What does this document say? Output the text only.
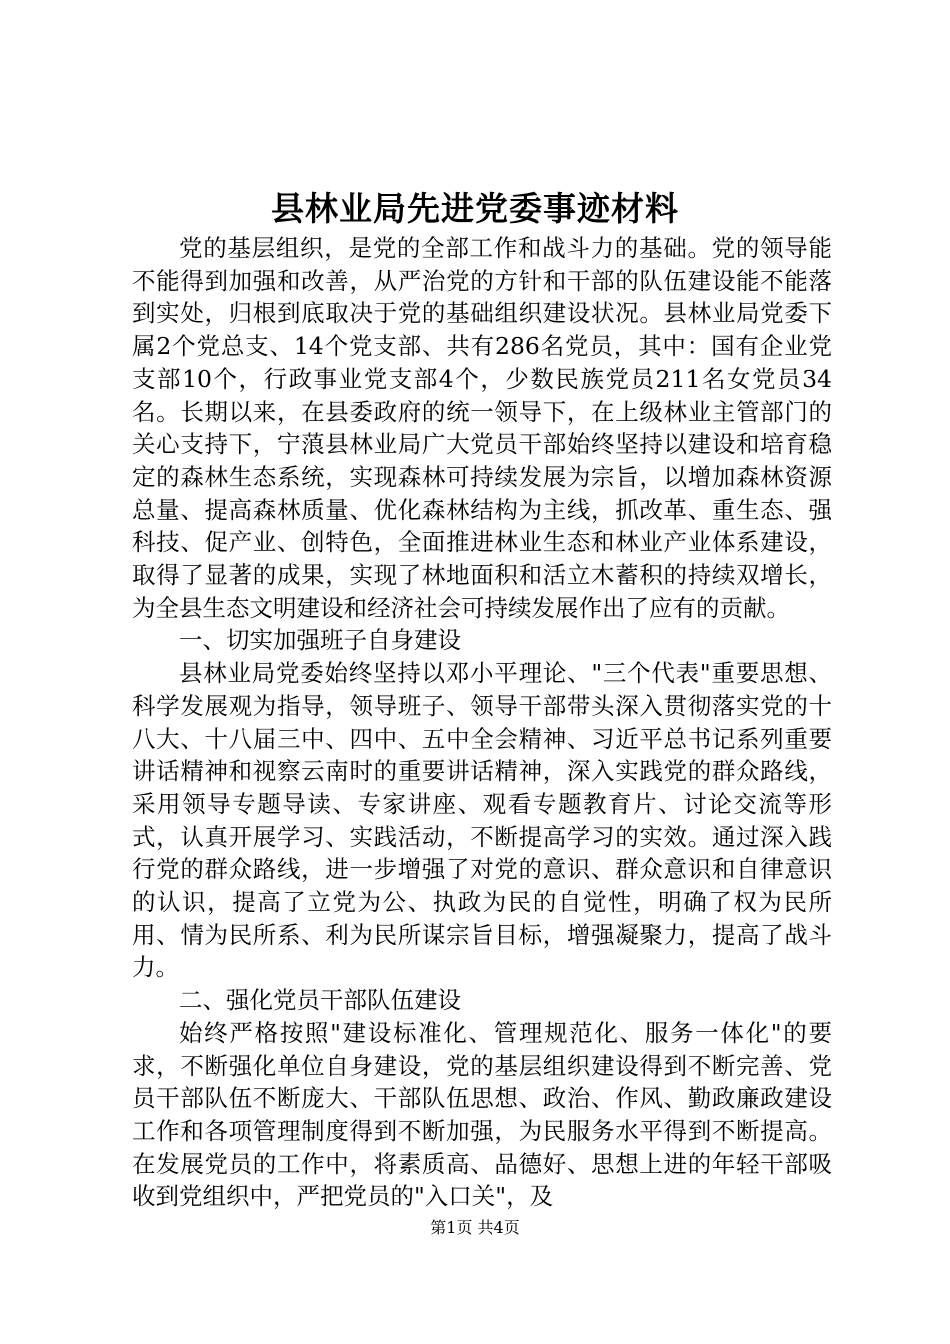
县林业局先进党委事迹材料

党的基层组织，是党的全部工作和战斗力的基础。党的领导能不能得到加强和改善，从严治党的方针和干部的队伍建设能不能落到实处，归根到底取决于党的基础组织建设状况。县林业局党委下属2个党总支、14个党支部、共有286名党员，其中：国有企业党支部10个，行政事业党支部4个，少数民族党员211名女党员34名。长期以来，在县委政府的统一领导下，在上级林业主管部门的关心支持下，宁蒗县林业局广大党员干部始终坚持以建设和培育稳定的森林生态系统，实现森林可持续发展为宗旨，以增加森林资源总量、提高森林质量、优化森林结构为主线，抓改革、重生态、强科技、促产业、创特色，全面推进林业生态和林业产业体系建设，取得了显著的成果，实现了林地面积和活立木蓄积的持续双增长，为全县生态文明建设和经济社会可持续发展作出了应有的贡献。

一、切实加强班子自身建设

县林业局党委始终坚持以邓小平理论、"三个代表"重要思想、科学发展观为指导，领导班子、领导干部带头深入贯彻落实党的十八大、十八届三中、四中、五中全会精神、习近平总书记系列重要讲话精神和视察云南时的重要讲话精神，深入实践党的群众路线，采用领导专题导读、专家讲座、观看专题教育片、讨论交流等形式，认真开展学习、实践活动，不断提高学习的实效。通过深入践行党的群众路线，进一步增强了对党的意识、群众意识和自律意识的认识，提高了立党为公、执政为民的自觉性，明确了权为民所用、情为民所系、利为民所谋宗旨目标，增强凝聚力，提高了战斗力。

二、强化党员干部队伍建设

始终严格按照"建设标准化、管理规范化、服务一体化"的要求，不断强化单位自身建设，党的基层组织建设得到不断完善、党员干部队伍不断庞大、干部队伍思想、政治、作风、勤政廉政建设工作和各项管理制度得到不断加强，为民服务水平得到不断提高。在发展党员的工作中，将素质高、品德好、思想上进的年轻干部吸收到党组织中，严把党员的"入口关"，及

第1页 共4页
